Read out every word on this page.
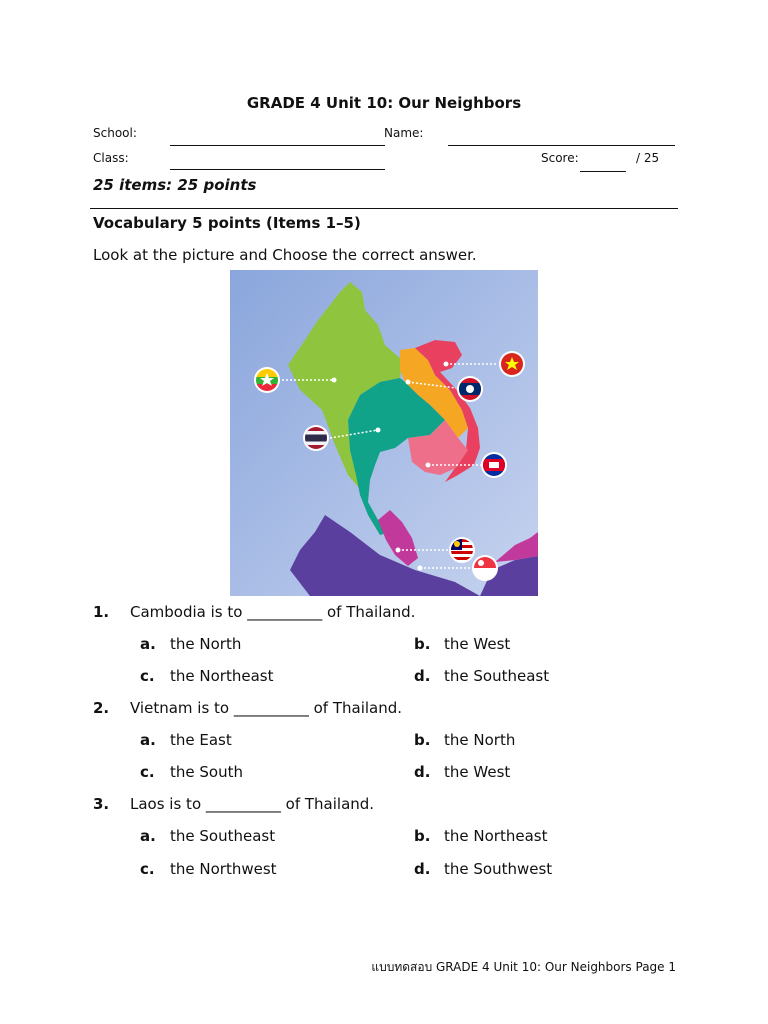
GRADE 4 Unit 10: Our Neighbors
School:	Name:
Class:	Score:	/ 25
25 items: 25 points
Vocabulary 5 points (Items 1–5)
Look at the picture and Choose the correct answer.
1. Cambodia is to __________ of Thailand.
a. the North	b. the West
c. the Northeast	d. the Southeast
2. Vietnam is to __________ of Thailand.
a. the East	b. the North
c. the South	d. the West
3. Laos is to __________ of Thailand.
a. the Southeast	b. the Northeast
c. the Northwest	d. the Southwest
แบบทดสอบ GRADE 4 Unit 10: Our Neighbors Page 1
